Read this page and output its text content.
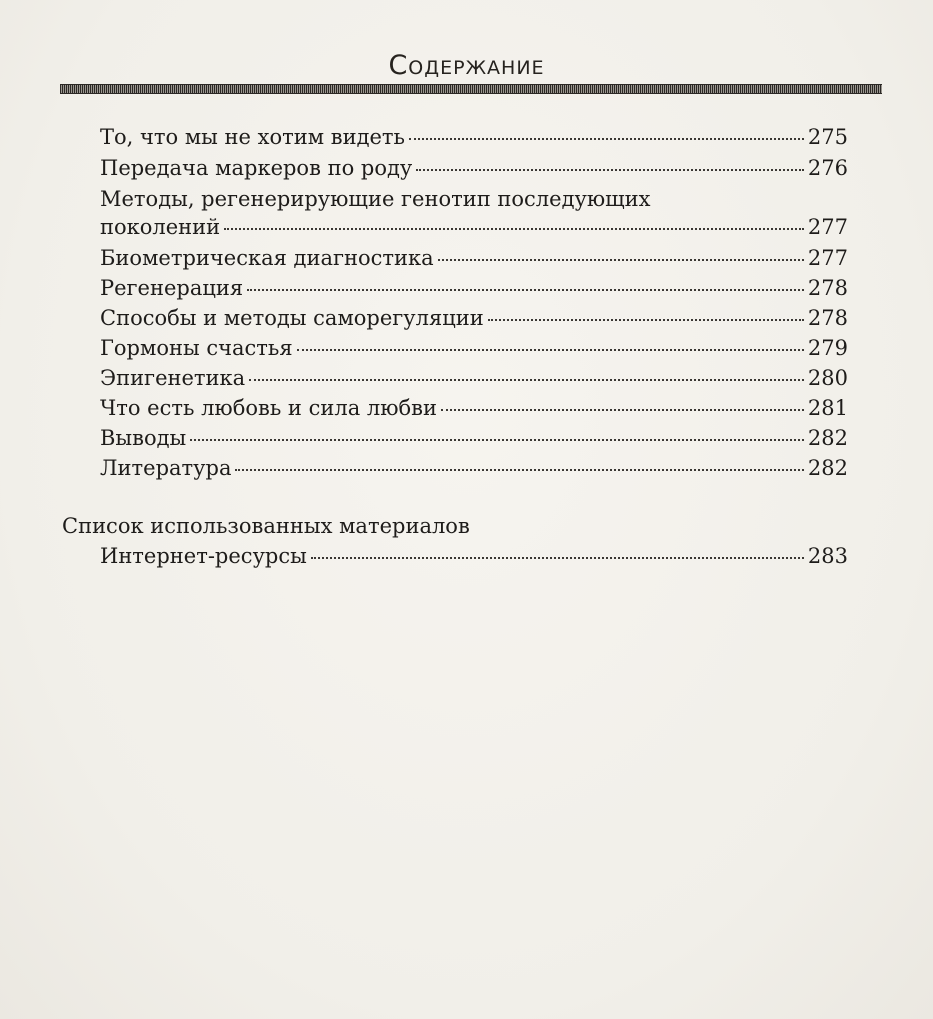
Содержание
То, что мы не хотим видеть	275
Передача маркеров по роду	276
Методы, регенерирующие генотип последующих
поколений	277
Биометрическая диагностика	277
Регенерация	278
Способы и методы саморегуляции	278
Гормоны счастья	279
Эпигенетика	280
Что есть любовь и сила любви	281
Выводы	282
Литература	282
Список использованных материалов
Интернет-ресурсы	283
